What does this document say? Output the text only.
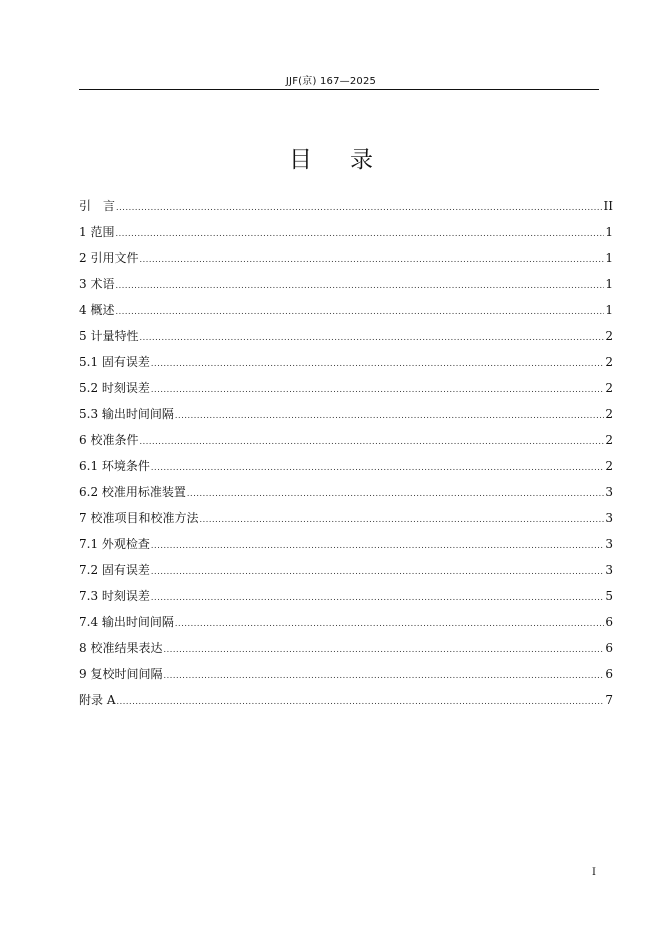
JJF(京) 167—2025
目 录
引　言 .....	II
1 范围 .....	1
2 引用文件 .....	1
3 术语 .....	1
4 概述 .....	1
5 计量特性 .....	2
5.1 固有误差 .....	2
5.2 时刻误差 .....	2
5.3 输出时间间隔 .....	2
6 校准条件 .....	2
6.1 环境条件 .....	2
6.2 校准用标准装置 .....	3
7 校准项目和校准方法 .....	3
7.1 外观检查 .....	3
7.2 固有误差 .....	3
7.3 时刻误差 .....	5
7.4 输出时间间隔 .....	6
8 校准结果表达 .....	6
9 复校时间间隔 .....	6
附录 A .....	7
I
